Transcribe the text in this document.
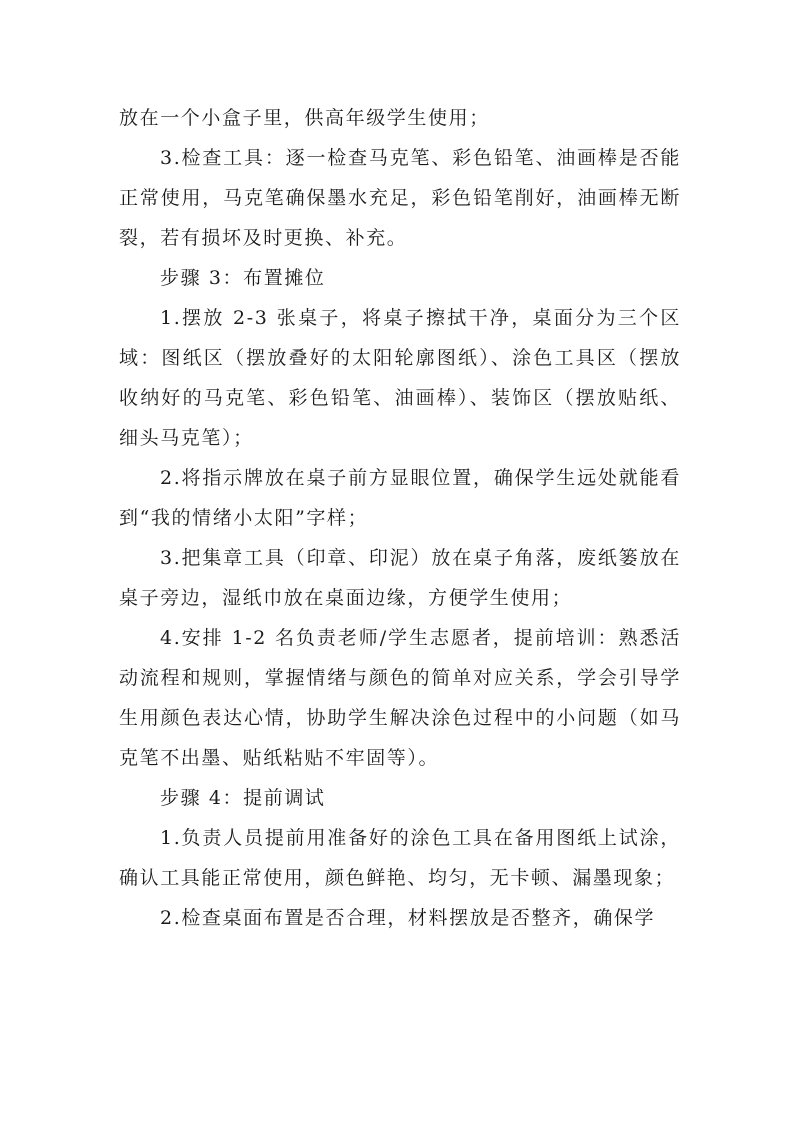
放在一个小盒子里，供高年级学生使用；

3.检查工具：逐一检查马克笔、彩色铅笔、油画棒是否能正常使用，马克笔确保墨水充足，彩色铅笔削好，油画棒无断裂，若有损坏及时更换、补充。

步骤 3：布置摊位

1.摆放 2-3 张桌子，将桌子擦拭干净，桌面分为三个区域：图纸区（摆放叠好的太阳轮廓图纸）、涂色工具区（摆放收纳好的马克笔、彩色铅笔、油画棒）、装饰区（摆放贴纸、细头马克笔）；

2.将指示牌放在桌子前方显眼位置，确保学生远处就能看到“我的情绪小太阳”字样；

3.把集章工具（印章、印泥）放在桌子角落，废纸篓放在桌子旁边，湿纸巾放在桌面边缘，方便学生使用；

4.安排 1-2 名负责老师/学生志愿者，提前培训：熟悉活动流程和规则，掌握情绪与颜色的简单对应关系，学会引导学生用颜色表达心情，协助学生解决涂色过程中的小问题（如马克笔不出墨、贴纸粘贴不牢固等）。

步骤 4：提前调试

1.负责人员提前用准备好的涂色工具在备用图纸上试涂，确认工具能正常使用，颜色鲜艳、均匀，无卡顿、漏墨现象；

2.检查桌面布置是否合理，材料摆放是否整齐，确保学
